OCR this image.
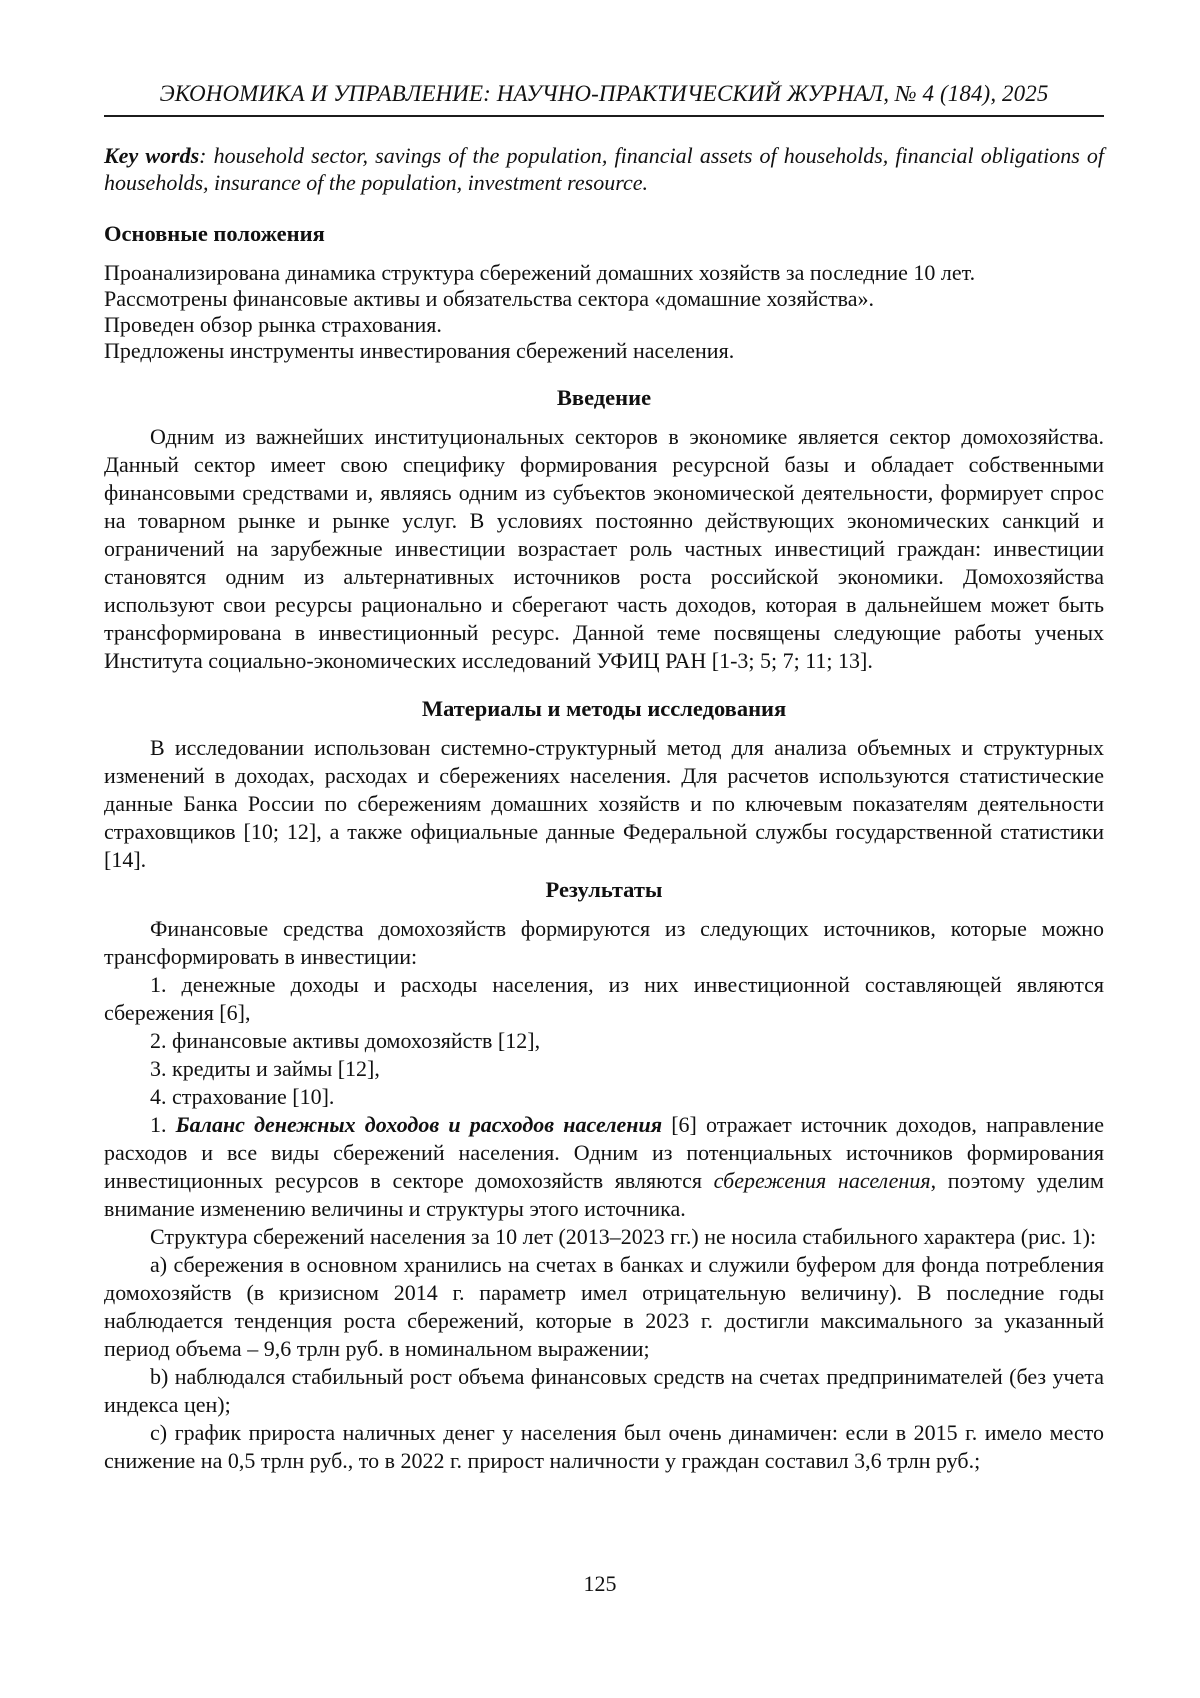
ЭКОНОМИКА И УПРАВЛЕНИЕ: НАУЧНО-ПРАКТИЧЕСКИЙ ЖУРНАЛ, № 4 (184), 2025

Key words: household sector, savings of the population, financial assets of households, financial obligations of households, insurance of the population, investment resource.

Основные положения

Проанализирована динамика структура сбережений домашних хозяйств за последние 10 лет.

Рассмотрены финансовые активы и обязательства сектора «домашние хозяйства».

Проведен обзор рынка страхования.

Предложены инструменты инвестирования сбережений населения.

Введение

Одним из важнейших институциональных секторов в экономике является сектор домохозяйства. Данный сектор имеет свою специфику формирования ресурсной базы и обладает собственными финансовыми средствами и, являясь одним из субъектов экономической деятельности, формирует спрос на товарном рынке и рынке услуг. В условиях постоянно действующих экономических санкций и ограничений на зарубежные инвестиции возрастает роль частных инвестиций граждан: инвестиции становятся одним из альтернативных источников роста российской экономики. Домохозяйства используют свои ресурсы рационально и сберегают часть доходов, которая в дальнейшем может быть трансформирована в инвестиционный ресурс. Данной теме посвящены следующие работы ученых Института социально-экономических исследований УФИЦ РАН [1-3; 5; 7; 11; 13].

Материалы и методы исследования

В исследовании использован системно-структурный метод для анализа объемных и структурных изменений в доходах, расходах и сбережениях населения. Для расчетов используются статистические данные Банка России по сбережениям домашних хозяйств и по ключевым показателям деятельности страховщиков [10; 12], а также официальные данные Федеральной службы государственной статистики [14].

Результаты

Финансовые средства домохозяйств формируются из следующих источников, которые можно трансформировать в инвестиции:

1. денежные доходы и расходы населения, из них инвестиционной составляющей являются сбережения [6],

2. финансовые активы домохозяйств [12],

3. кредиты и займы [12],

4. страхование [10].

1. Баланс денежных доходов и расходов населения [6] отражает источник доходов, направление расходов и все виды сбережений населения. Одним из потенциальных источников формирования инвестиционных ресурсов в секторе домохозяйств являются сбережения населения, поэтому уделим внимание изменению величины и структуры этого источника.

Структура сбережений населения за 10 лет (2013–2023 гг.) не носила стабильного характера (рис. 1):

a) сбережения в основном хранились на счетах в банках и служили буфером для фонда потребления домохозяйств (в кризисном 2014 г. параметр имел отрицательную величину). В последние годы наблюдается тенденция роста сбережений, которые в 2023 г. достигли максимального за указанный период объема – 9,6 трлн руб. в номинальном выражении;

b) наблюдался стабильный рост объема финансовых средств на счетах предпринимателей (без учета индекса цен);

c) график прироста наличных денег у населения был очень динамичен: если в 2015 г. имело место снижение на 0,5 трлн руб., то в 2022 г. прирост наличности у граждан составил 3,6 трлн руб.;

125
